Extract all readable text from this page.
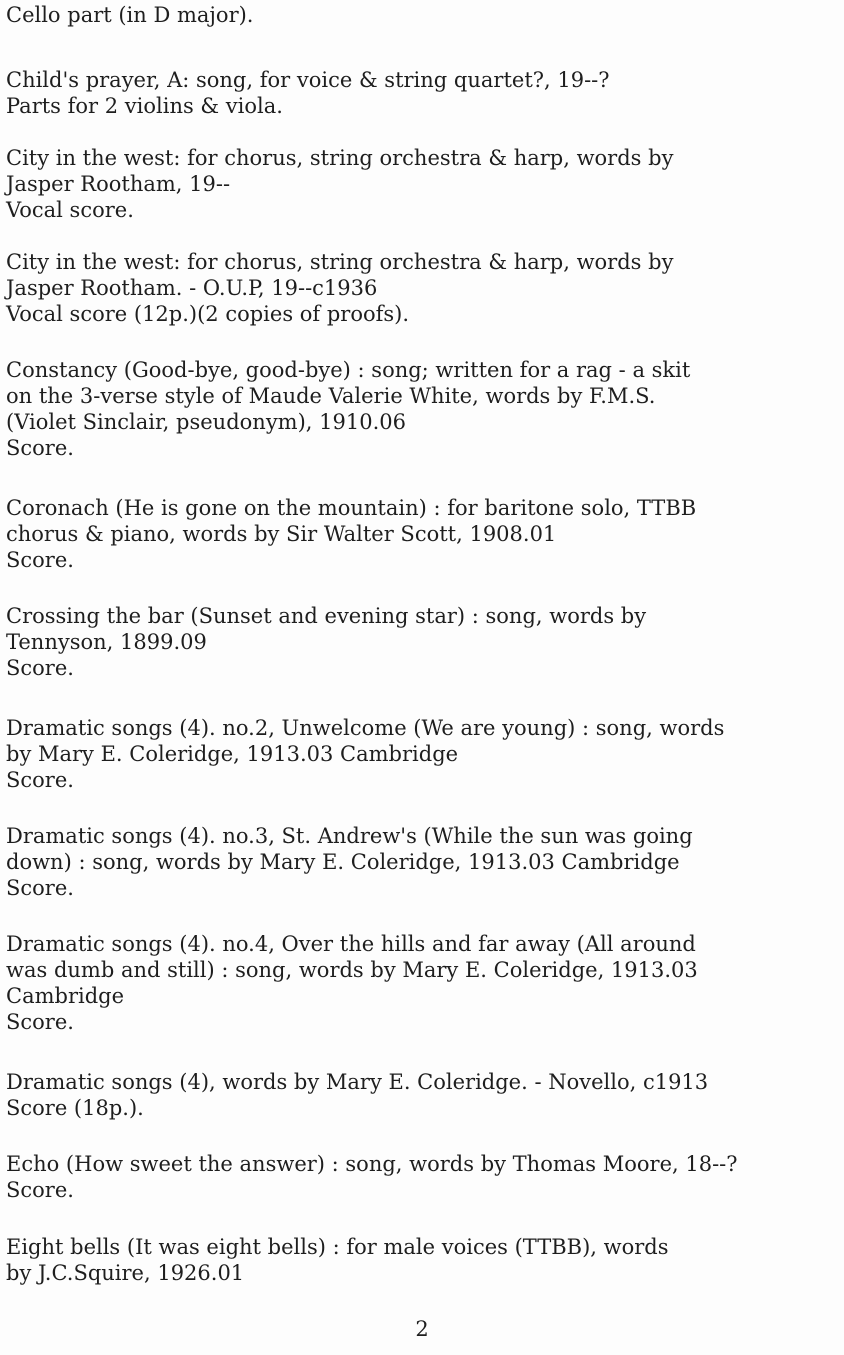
Cello part (in D major).
Child's prayer, A: song, for voice & string quartet?, 19--?
Parts for 2 violins & viola.
City in the west: for chorus, string orchestra & harp, words by
Jasper Rootham, 19--
Vocal score.
City in the west: for chorus, string orchestra & harp, words by
Jasper Rootham. - O.U.P, 19--c1936
Vocal score (12p.)(2 copies of proofs).
Constancy (Good-bye, good-bye) : song; written for a rag - a skit
on the 3-verse style of Maude Valerie White, words by F.M.S.
(Violet Sinclair, pseudonym), 1910.06
Score.
Coronach (He is gone on the mountain) : for baritone solo, TTBB
chorus & piano, words by Sir Walter Scott, 1908.01
Score.
Crossing the bar (Sunset and evening star) : song, words by
Tennyson, 1899.09
Score.
Dramatic songs (4). no.2, Unwelcome (We are young) : song, words
by Mary E. Coleridge, 1913.03 Cambridge
Score.
Dramatic songs (4). no.3, St. Andrew's (While the sun was going
down) : song, words by Mary E. Coleridge, 1913.03 Cambridge
Score.
Dramatic songs (4). no.4, Over the hills and far away (All around
was dumb and still) : song, words by Mary E. Coleridge, 1913.03
Cambridge
Score.
Dramatic songs (4), words by Mary E. Coleridge. - Novello, c1913
Score (18p.).
Echo (How sweet the answer) : song, words by Thomas Moore, 18--?
Score.
Eight bells (It was eight bells) : for male voices (TTBB), words
by J.C.Squire, 1926.01
2
